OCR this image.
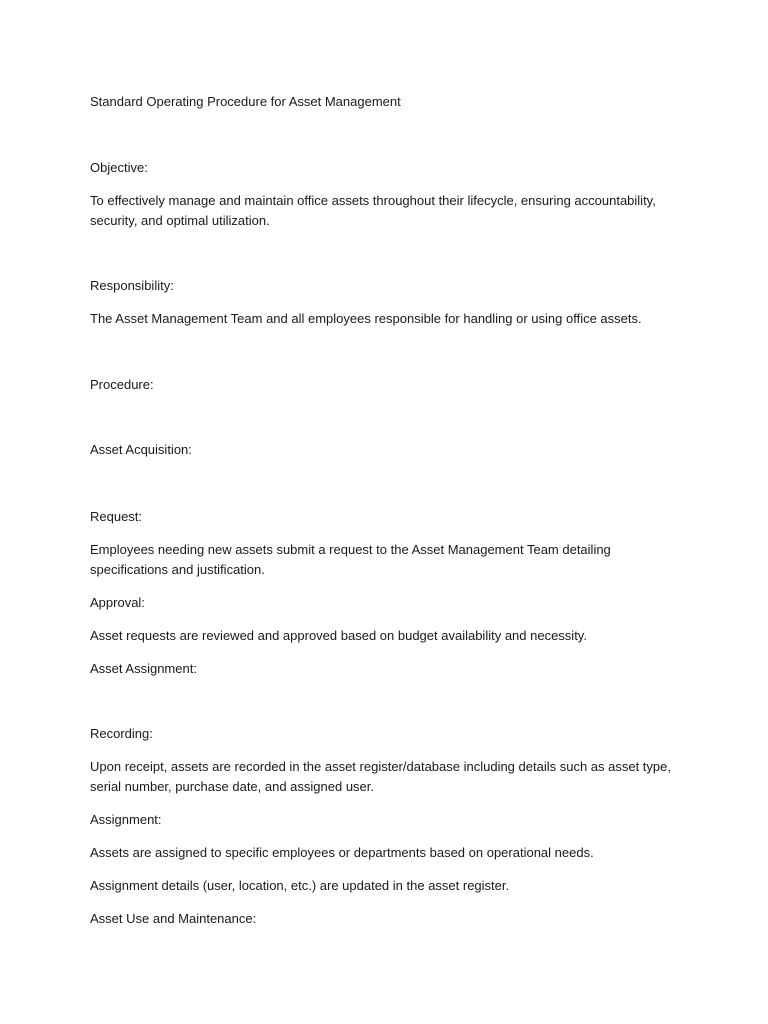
Standard Operating Procedure for Asset Management

Objective:

To effectively manage and maintain office assets throughout their lifecycle, ensuring accountability, security, and optimal utilization.

Responsibility:

The Asset Management Team and all employees responsible for handling or using office assets.

Procedure:

Asset Acquisition:

Request:

Employees needing new assets submit a request to the Asset Management Team detailing specifications and justification.

Approval:

Asset requests are reviewed and approved based on budget availability and necessity.

Asset Assignment:

Recording:

Upon receipt, assets are recorded in the asset register/database including details such as asset type, serial number, purchase date, and assigned user.

Assignment:

Assets are assigned to specific employees or departments based on operational needs.

Assignment details (user, location, etc.) are updated in the asset register.

Asset Use and Maintenance:
